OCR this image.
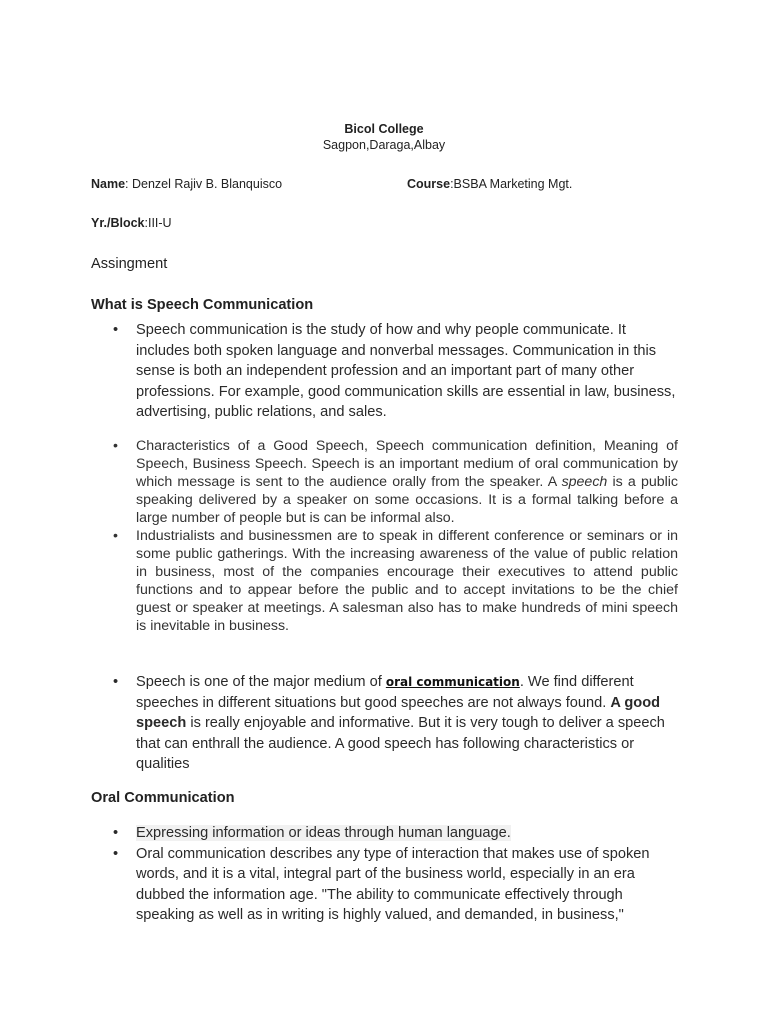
Bicol College
Sagpon,Daraga,Albay
Name: Denzel Rajiv B. Blanquisco	Course:BSBA Marketing Mgt.
Yr./Block:III-U
Assingment
What is Speech Communication
• Speech communication is the study of how and why people communicate. It includes both spoken language and nonverbal messages. Communication in this sense is both an independent profession and an important part of many other professions. For example, good communication skills are essential in law, business, advertising, public relations, and sales.
• Characteristics of a Good Speech, Speech communication definition, Meaning of Speech, Business Speech. Speech is an important medium of oral communication by which message is sent to the audience orally from the speaker. A speech is a public speaking delivered by a speaker on some occasions. It is a formal talking before a large number of people but is can be informal also.
• Industrialists and businessmen are to speak in different conference or seminars or in some public gatherings. With the increasing awareness of the value of public relation in business, most of the companies encourage their executives to attend public functions and to appear before the public and to accept invitations to be the chief guest or speaker at meetings. A salesman also has to make hundreds of mini speech is inevitable in business.
• Speech is one of the major medium of oral communication. We find different speeches in different situations but good speeches are not always found. A good speech is really enjoyable and informative. But it is very tough to deliver a speech that can enthrall the audience. A good speech has following characteristics or qualities
Oral Communication
• Expressing information or ideas through human language.
• Oral communication describes any type of interaction that makes use of spoken words, and it is a vital, integral part of the business world, especially in an era dubbed the information age. "The ability to communicate effectively through speaking as well as in writing is highly valued, and demanded, in business,"
